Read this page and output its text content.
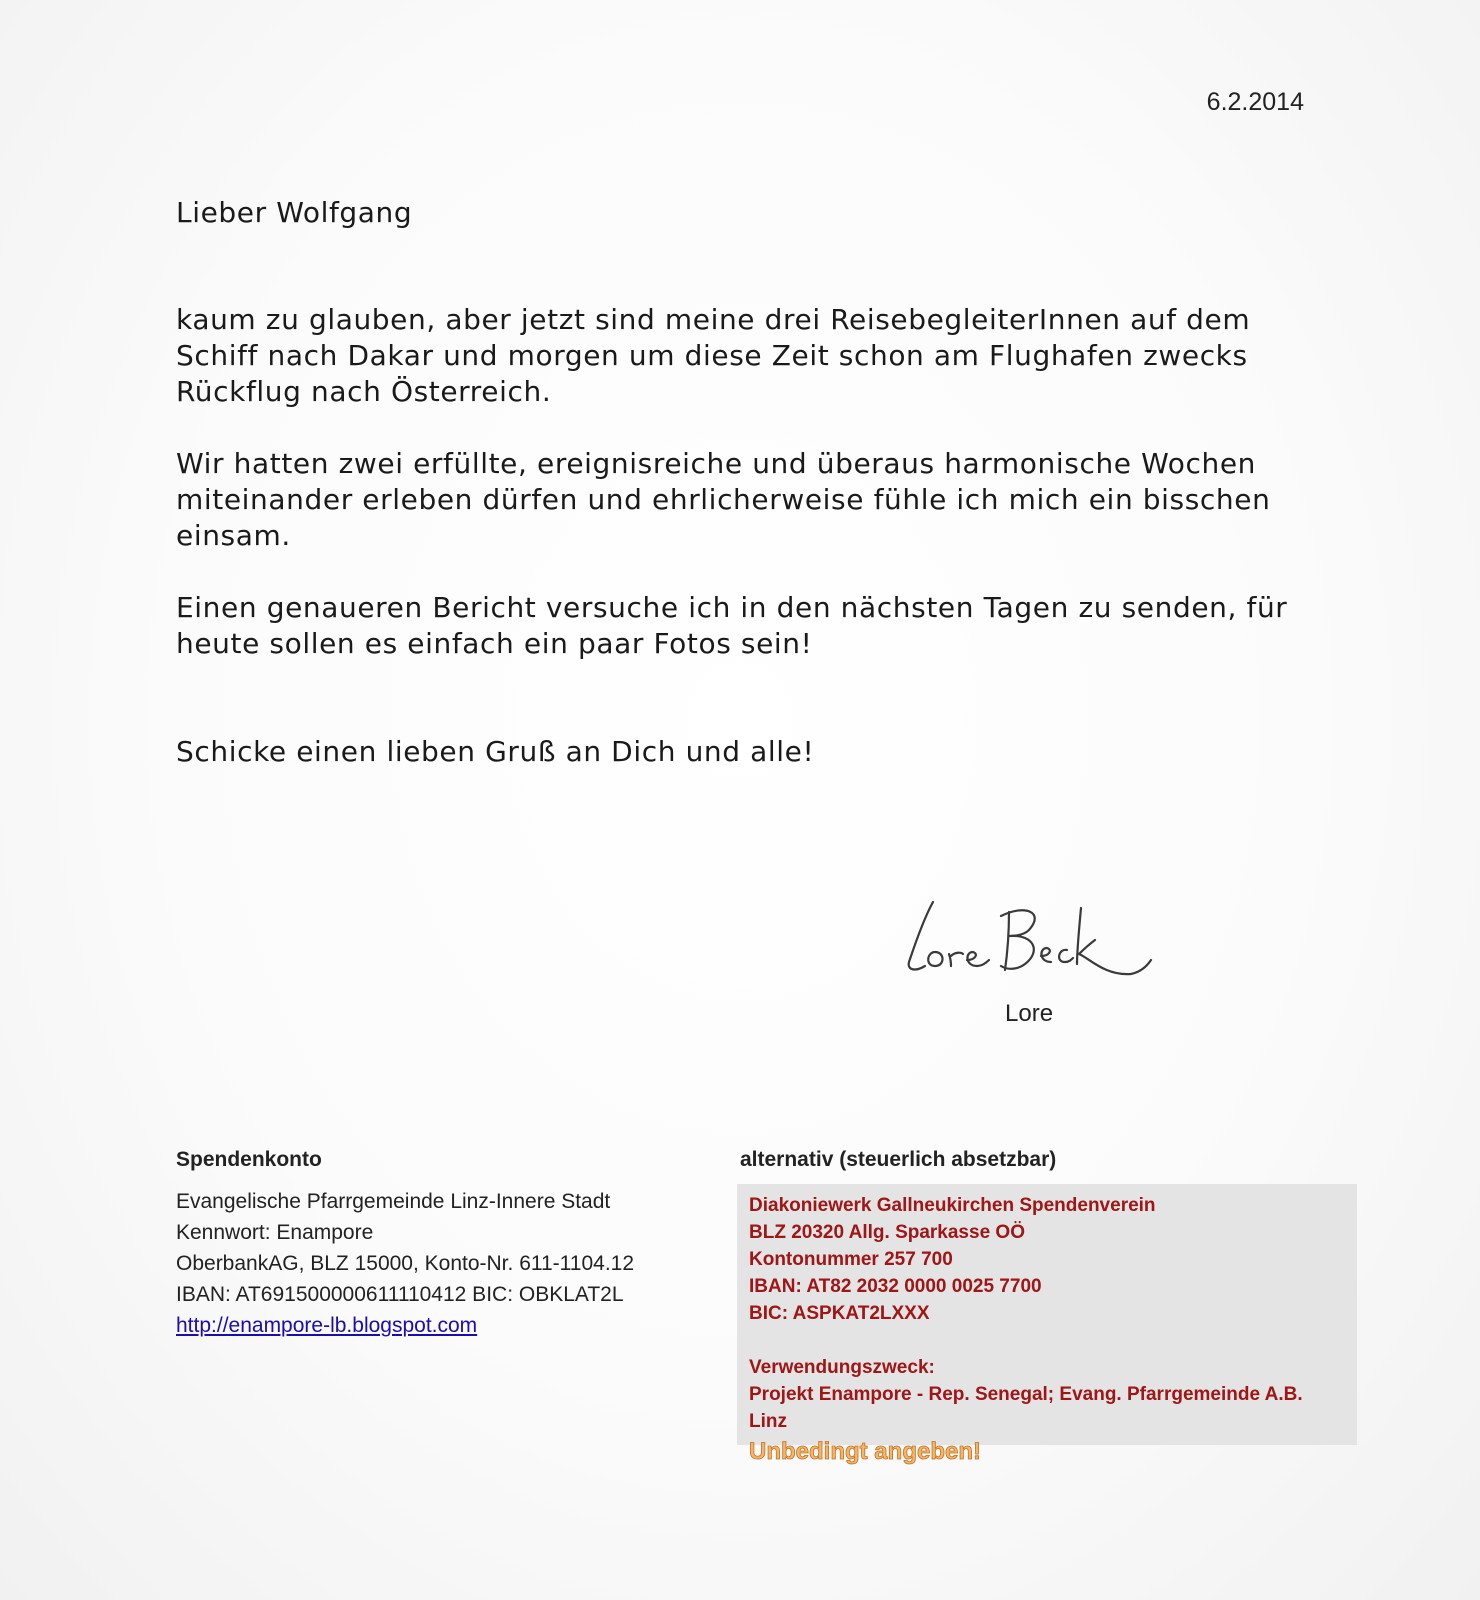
6.2.2014
Lieber Wolfgang

kaum zu glauben, aber jetzt sind meine drei ReisebegleiterInnen auf dem Schiff nach Dakar und morgen um diese Zeit schon am Flughafen zwecks Rückflug nach Österreich.

Wir hatten zwei erfüllte, ereignisreiche und überaus harmonische Wochen miteinander erleben dürfen und ehrlicherweise fühle ich mich ein bisschen einsam.

Einen genaueren Bericht versuche ich in den nächsten Tagen zu senden, für heute sollen es einfach ein paar Fotos sein!

Schicke einen lieben Gruß an Dich und alle!

Lore
Spendenkonto
Evangelische Pfarrgemeinde Linz-Innere Stadt
Kennwort: Enampore
OberbankAG, BLZ 15000, Konto-Nr. 611-1104.12
IBAN: AT691500000611110412 BIC: OBKLAT2L
http://enampore-lb.blogspot.com
alternativ (steuerlich absetzbar)
Diakoniewerk Gallneukirchen Spendenverein
BLZ 20320 Allg. Sparkasse OÖ
Kontonummer 257 700
IBAN: AT82 2032 0000 0025 7700
BIC: ASPKAT2LXXX
Verwendungszweck:
Projekt Enampore - Rep. Senegal; Evang. Pfarrgemeinde A.B. Linz
Unbedingt angeben!
